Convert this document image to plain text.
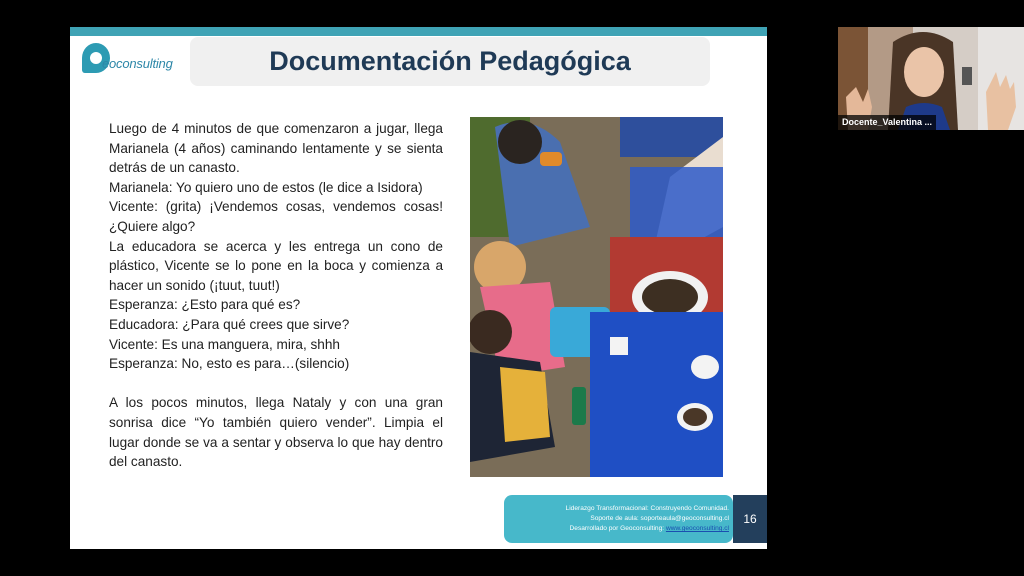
eoconsulting	Documentación Pedagógica

Luego de 4 minutos de que comenzaron a jugar, llega Marianela (4 años) caminando lentamente y se sienta detrás de un canasto.

Marianela: Yo quiero uno de estos (le dice a Isidora)

Vicente: (grita) ¡Vendemos cosas, vendemos cosas! ¿Quiere algo?

La educadora se acerca y les entrega un cono de plástico, Vicente se lo pone en la boca y comienza a hacer un sonido (¡tuut, tuut!)

Esperanza: ¿Esto para qué es?

Educadora: ¿Para qué crees que sirve?

Vicente: Es una manguera, mira, shhh

Esperanza: No, esto es para…(silencio)

A los pocos minutos, llega Nataly y con una gran sonrisa dice “Yo también quiero vender”. Limpia el lugar donde se va a sentar y observa lo que hay dentro del canasto.

Liderazgo Transformacional: Construyendo Comunidad.
Soporte de aula: soporteaula@geoconsulting.cl
Desarrollado por Geoconsulting: www.geoconsulting.cl
16
Docente_Valentina ...
